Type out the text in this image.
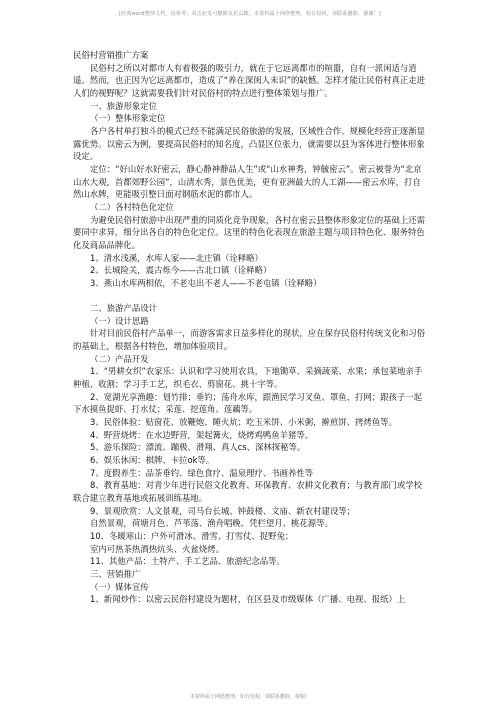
[经典word整理文档，仅参考，双击此处可删除页眉页脚。本资料属于网络整理，如有侵权，请联系删除，谢谢！]

民俗村营销推广方案

民俗村之所以对都市人有着极强的吸引力，就在于它远离都市的喧嚣，自有一派闲适与逍遥。然而，也正因为它远离都市，造成了“养在深闺人未识”的缺憾。怎样才能让民俗村真正走进人们的视野呢？这就需要我们针对民俗村的特点进行整体策划与推广。

一、旅游形象定位

（一）整体形象定位

各户各村单打独斗的模式已经不能满足民俗旅游的发展，区域性合作、规模化经营正逐渐显露优势。以密云为例，要提高民俗村的知名度，凸显区位张力，就需要以县为客体进行整体形象设定。

定位：“好山好水好密云，静心静神静品人生”或“山水神秀，钟毓密云”。密云被誉为“北京山水大观，首都郊野公园”，山清水秀，景色优美，更有亚洲最大的人工湖——密云水库，打自然山水牌，更能吸引整日面对钢筋水泥的都市人。

（二）各村特色化定位

为避免民俗村旅游中出现严重的同质化竞争现象，各村在密云县整体形象定位的基础上还需要同中求异，细分出各自的特色化定位。这里的特色化表现在旅游主题与项目特色化、服务特色化及商品品牌化。

1、清水浅溪，水库人家——北庄镇（诠释略）

2、长城险关，震古烁今——古北口镇（诠释略）

3、燕山水库两相依，不老屯出不老人——不老屯镇（诠释略）

二、旅游产品设计

（一）设计思路

针对目前民俗村产品单一，而游客需求日益多样化的现状，应在保存民俗村传统文化和习俗的基础上，根据各村特色，增加体验项目。

（二）产品开发

1、“男耕女织”农家乐：认识和学习使用农具，下地锄草、采摘蔬菜、水果；承包菜地亲手种植、收割；学习手工艺，织毛衣、剪窗花、挑十字等。

2、宽湖光享渔趣：划竹排；垂钓；荡舟水库，跟渔民学习叉鱼、罩鱼、打网；跟孩子一起下水摸鱼捉虾、打水仗；采莲、挖莲角、莲藕等。

3、民俗体验：贴窗花、放鞭炮、睡火炕；吃玉米饼、小米粥，擀煎饼、拷烤鱼等。

4、野营烧烤：在水边野营，架起篝火，烧烤鸡鸭鱼羊猪等。

5、游乐探险：漂流、蹦极、滑翔、真人cs、深林探秘等。

6、娱乐休闲：棋牌、卡拉ok等。

7、度假养生：品茶垂钓、绿色食疗、温泉理疗、书画养性等

8、教育基地：对青少年进行民俗文化教育、环保教育、农耕文化教育；与教育部门或学校联合建立教育基地或拓展训练基地。

9、景观欣赏：人文景观，司马台长城、钟鼓楼、文庙、新农村建设等；

自然景观，荷塘月色、芦苇荡、渔舟唱晚、凭栏望月、桃花源等。

10、冬暖寒山：户外可滑冰、滑雪、打雪仗、捉野兔；

室内可热茶热酒热炕头、火盆烧烤。

11、其他产品：土特产、手工艺品、旅游纪念品等。

三、营销推广

（一）媒体宣传

1、新闻炒作：以密云民俗村建设为题材，在区县及市级媒体（广播、电视、报纸）上

本资料属于网络整理，如有侵权，请联系删除，谢谢！
